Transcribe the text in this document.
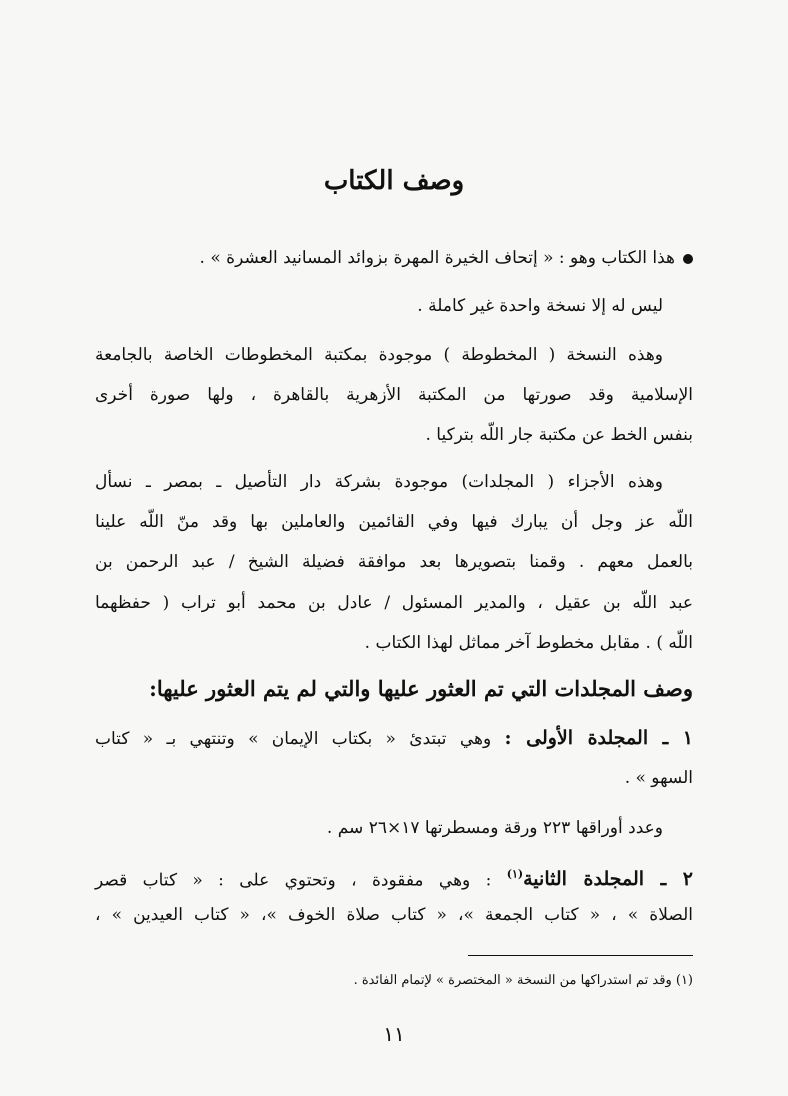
وصف الكتاب
هذا الكتاب وهو : « إتحاف الخيرة المهرة بزوائد المسانيد العشرة » .
ليس له إلا نسخة واحدة غير كاملة .
وهذه النسخة ( المخطوطة ) موجودة بمكتبة المخطوطات الخاصة بالجامعة
الإسلامية وقد صورتها من المكتبة الأزهرية بالقاهرة ، ولها صورة أخرى
بنفس الخط عن مكتبة جار اللّه بتركيا .
وهذه الأجزاء ( المجلدات) موجودة بشركة دار التأصيل ـ بمصر ـ نسأل
اللّه عز وجل أن يبارك فيها وفي القائمين والعاملين بها وقد منّ اللّه علينا
بالعمل معهم . وقمنا بتصويرها بعد موافقة فضيلة الشيخ / عبد الرحمن بن
عبد اللّه بن عقيل ، والمدير المسئول / عادل بن محمد أبو تراب ( حفظهما
اللّه ) . مقابل مخطوط آخر مماثل لهذا الكتاب .
وصف المجلدات التي تم العثور عليها والتي لم يتم العثور عليها:
١ ـ المجلدة الأولى : وهي تبتدئ « بكتاب الإيمان » وتنتهي بـ « كتاب
السهو » .
وعدد أوراقها ٢٢٣ ورقة ومسطرتها ١٧×٢٦ سم .
٢ ـ المجلدة الثانية$^{(١)}$ : وهي مفقودة ، وتحتوي على : « كتاب قصر
الصلاة » ، « كتاب الجمعة »، « كتاب صلاة الخوف »، « كتاب العيدين » ،
(١) وقد تم استدراكها من النسخة « المختصرة » لإتمام الفائدة .
١١
